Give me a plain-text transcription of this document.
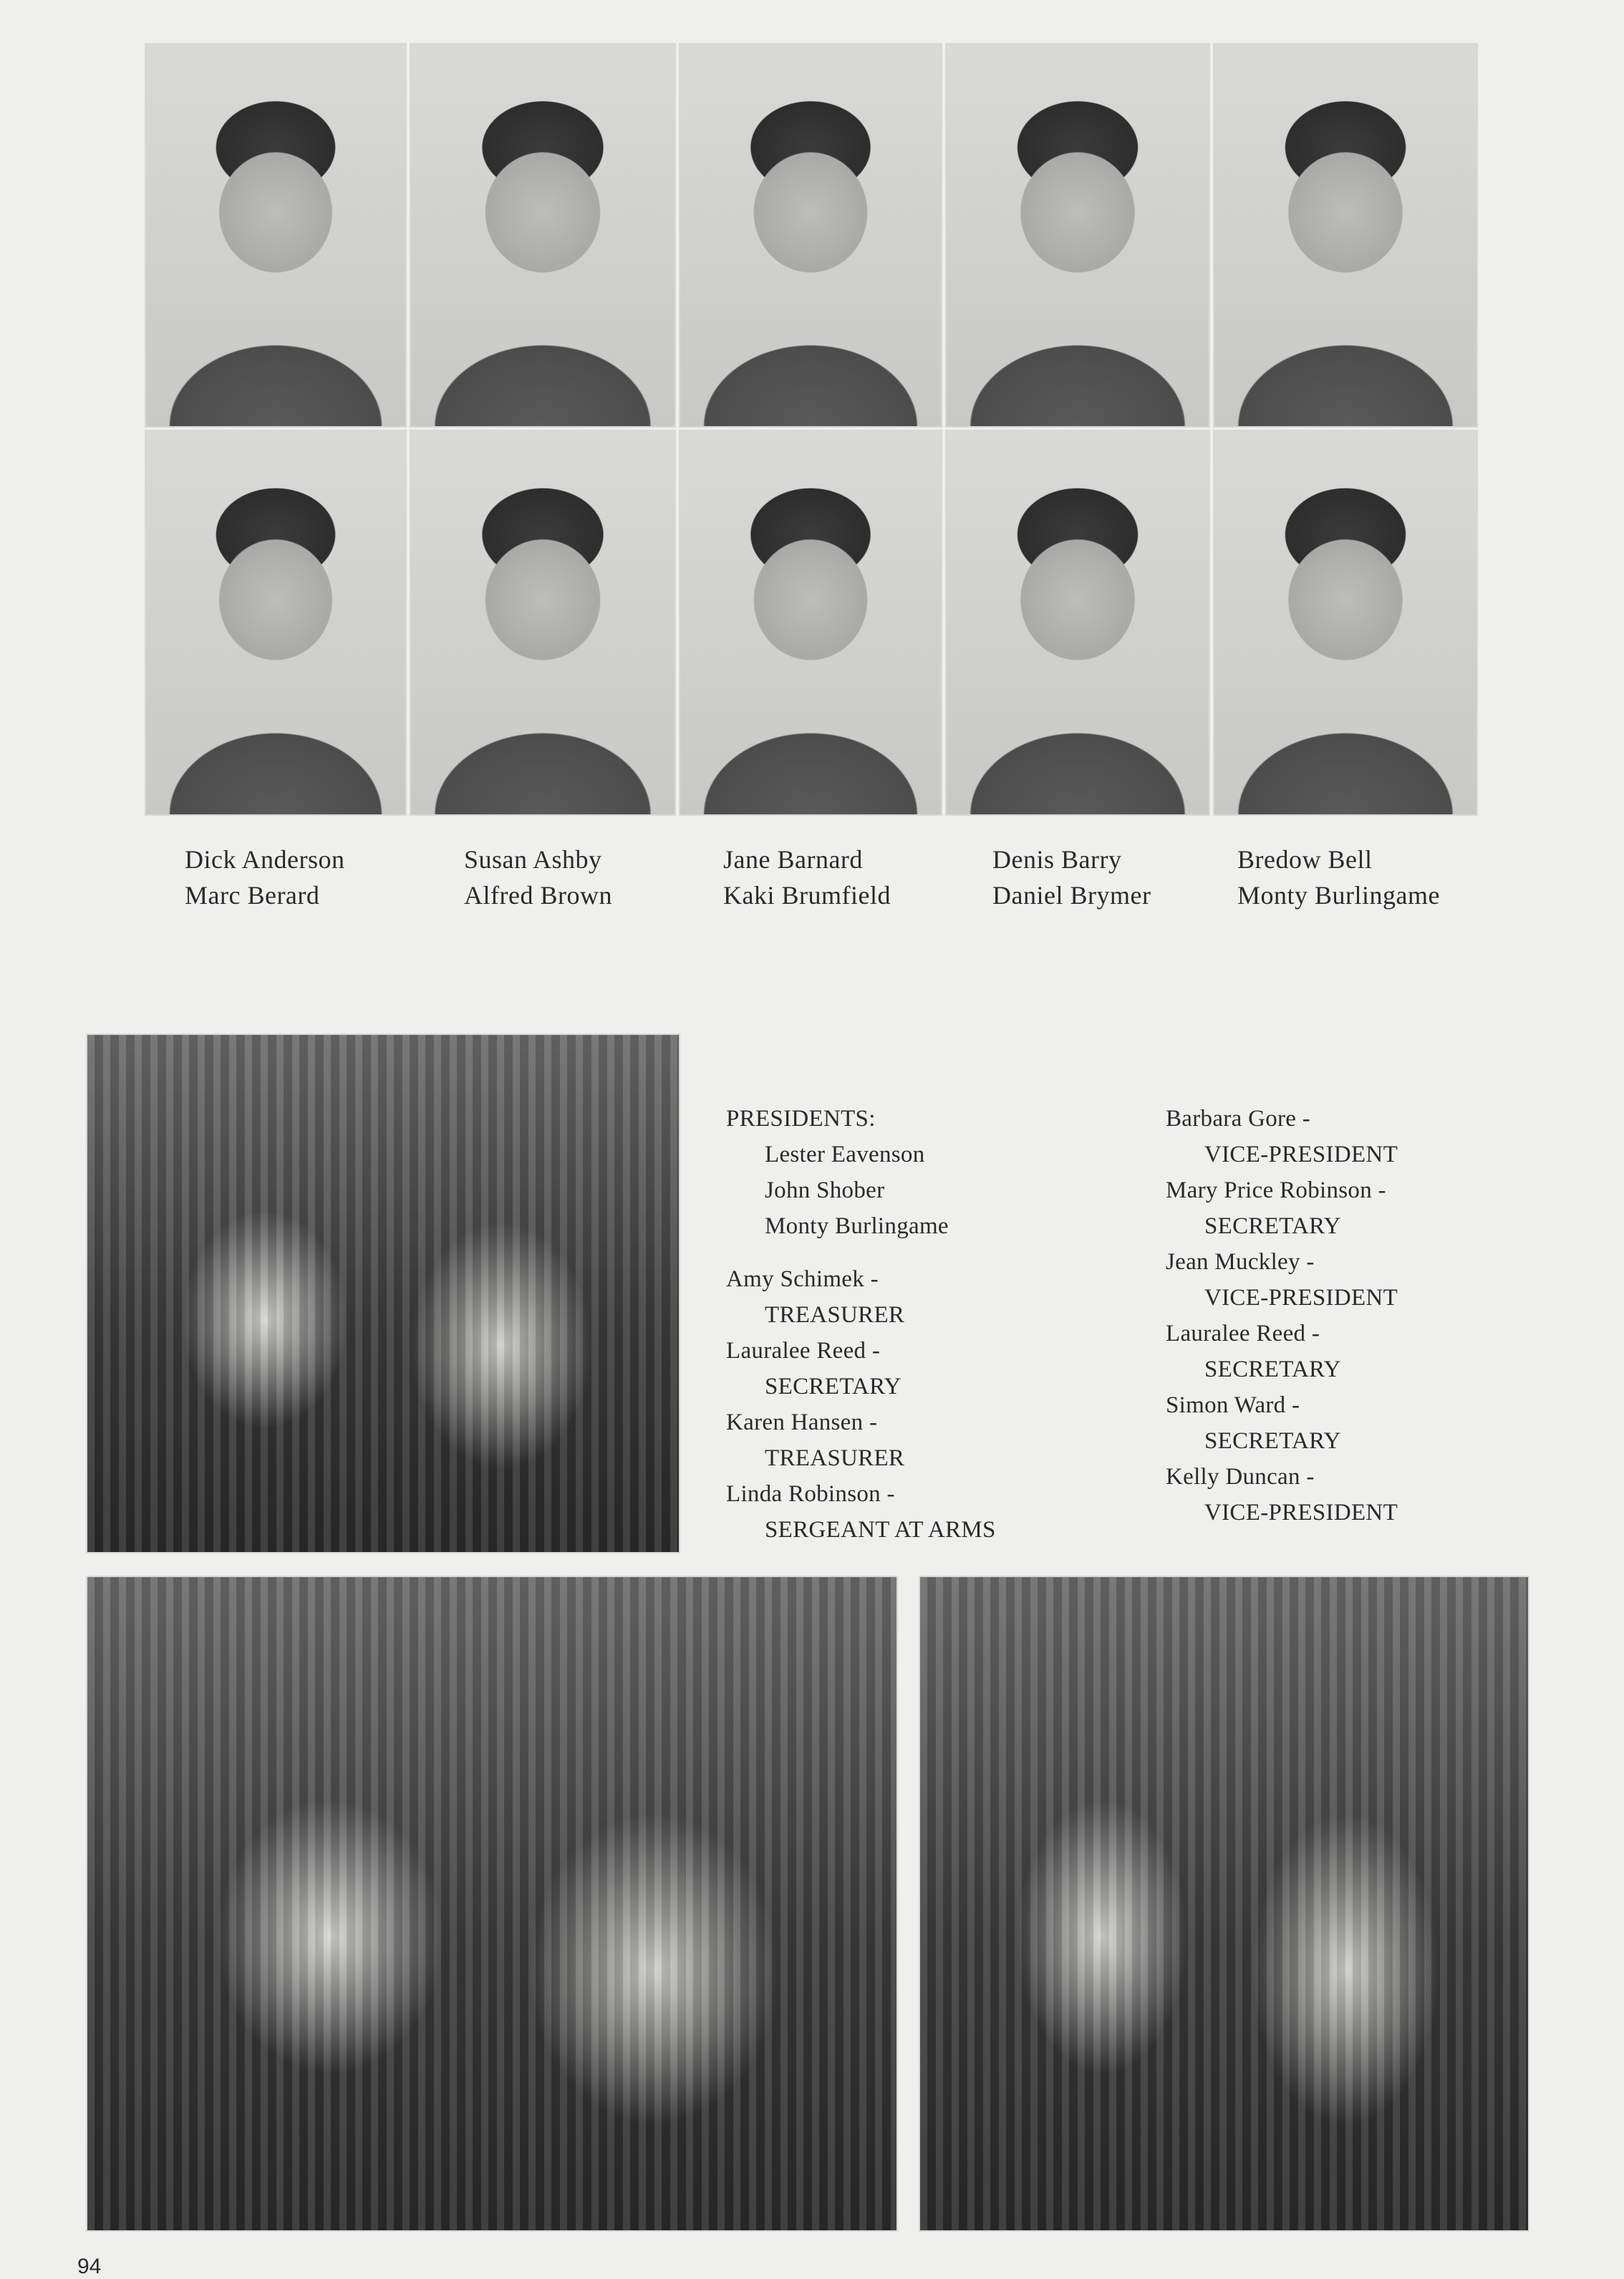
Dick Anderson
Marc Berard
Susan Ashby
Alfred Brown
Jane Barnard
Kaki Brumfield
Denis Barry
Daniel Brymer
Bredow Bell
Monty Burlingame
PRESIDENTS:
Lester Eavenson
John Shober
Monty Burlingame
Amy Schimek -
TREASURER
Lauralee Reed -
SECRETARY
Karen Hansen -
TREASURER
Linda Robinson -
SERGEANT AT ARMS
Barbara Gore -
VICE-PRESIDENT
Mary Price Robinson -
SECRETARY
Jean Muckley -
VICE-PRESIDENT
Lauralee Reed -
SECRETARY
Simon Ward -
SECRETARY
Kelly Duncan -
VICE-PRESIDENT
94
